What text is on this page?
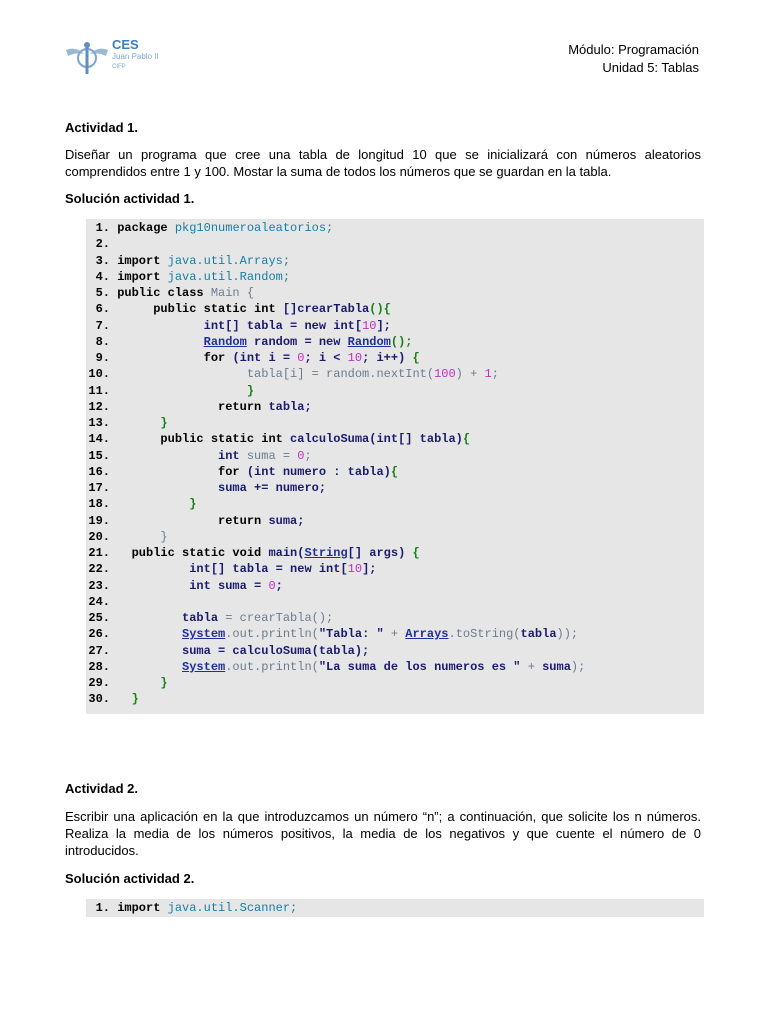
CES
Juan Pablo II
CIFP
Módulo: Programación
Unidad 5: Tablas
Actividad 1.
Diseñar un programa que cree una tabla de longitud 10 que se inicializará con números aleatorios comprendidos entre 1 y 100. Mostar la suma de todos los números que se guardan en la tabla.
Solución actividad 1.
1. package pkg10numeroaleatorios;
2.
3. import java.util.Arrays;
4. import java.util.Random;
5. public class Main {
6.	public static int []crearTabla(){
7.	int[] tabla = new int[10];
8.	Random random = new Random();
9.	for (int i = 0; i < 10; i++) {
10.	tabla[i] = random.nextInt(100) + 1;
11.	}
12.	return tabla;
13.	}
14.	public static int calculoSuma(int[] tabla){
15.	int suma = 0;
16.	for (int numero : tabla){
17.	suma += numero;
18.	}
19.	return suma;
20.	}
21. public static void main(String[] args) {
22.	int[] tabla = new int[10];
23.	int suma = 0;
24.
25.	tabla = crearTabla();
26.	System.out.println("Tabla: " + Arrays.toString(tabla));
27.	suma = calculoSuma(tabla);
28.	System.out.println("La suma de los numeros es " + suma);
29.	}
30. }
Actividad 2.
Escribir una aplicación en la que introduzcamos un número “n”; a continuación, que solicite los n números. Realiza la media de los números positivos, la media de los negativos y que cuente el número de 0 introducidos.
Solución actividad 2.
1. import java.util.Scanner;
